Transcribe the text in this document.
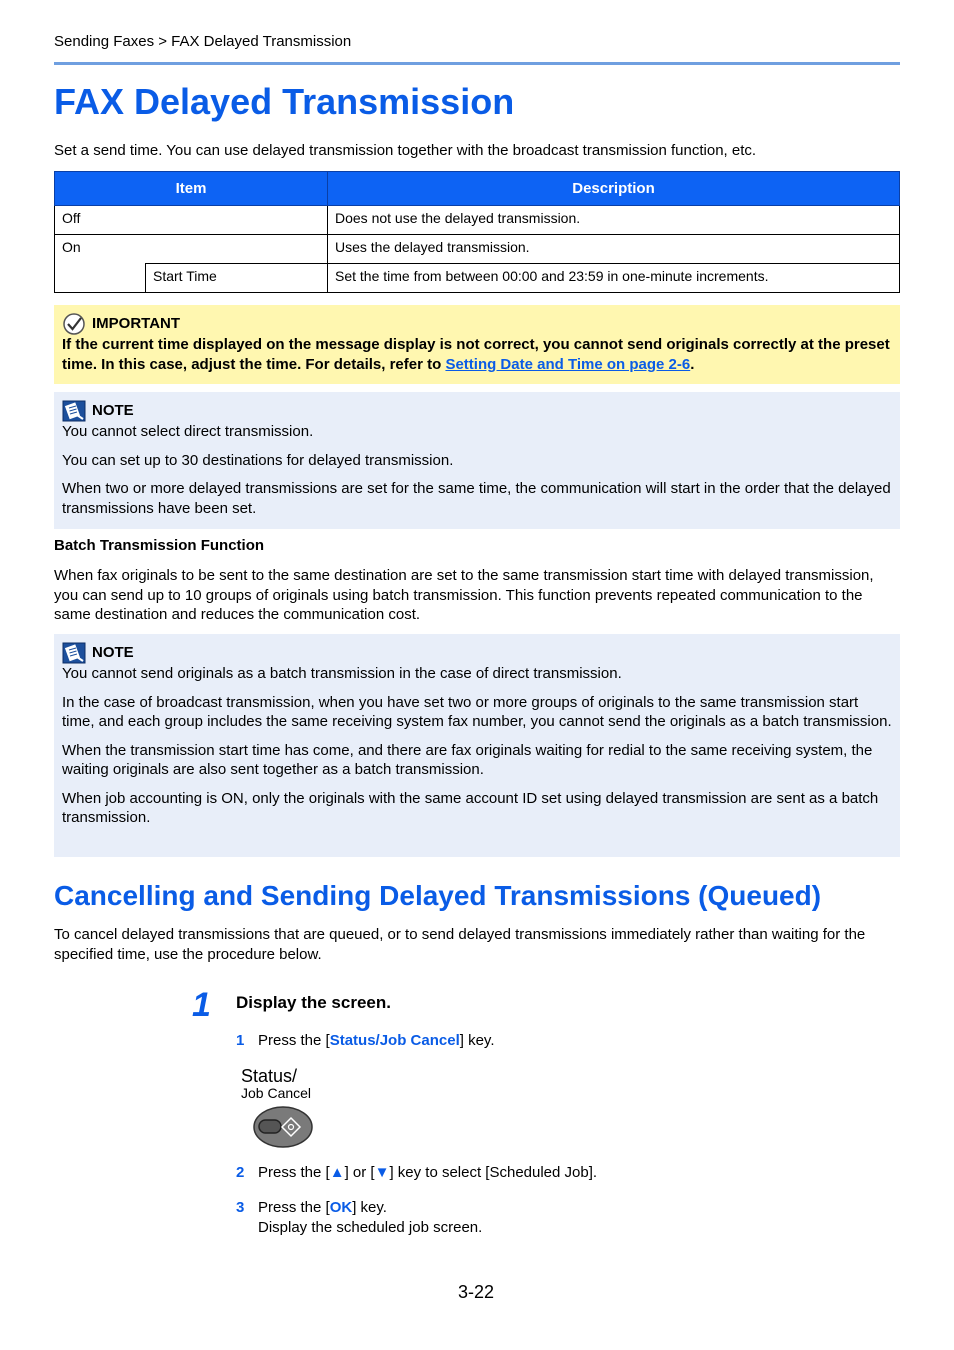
Sending Faxes > FAX Delayed Transmission
FAX Delayed Transmission
Set a send time. You can use delayed transmission together with the broadcast transmission function, etc.
Item		Description
Off		Does not use the delayed transmission.
On		Uses the delayed transmission.
	Start Time	Set the time from between 00:00 and 23:59 in one-minute increments.
IMPORTANT
If the current time displayed on the message display is not correct, you cannot send originals correctly at the preset time. In this case, adjust the time. For details, refer to Setting Date and Time on page 2-6.
NOTE

You cannot select direct transmission.

You can set up to 30 destinations for delayed transmission.

When two or more delayed transmissions are set for the same time, the communication will start in the order that the delayed transmissions have been set.

Batch Transmission Function

When fax originals to be sent to the same destination are set to the same transmission start time with delayed transmission, you can send up to 10 groups of originals using batch transmission. This function prevents repeated communication to the same destination and reduces the communication cost.

NOTE

You cannot send originals as a batch transmission in the case of direct transmission.

In the case of broadcast transmission, when you have set two or more groups of originals to the same transmission start time, and each group includes the same receiving system fax number, you cannot send the originals as a batch transmission.

When the transmission start time has come, and there are fax originals waiting for redial to the same receiving system, the waiting originals are also sent together as a batch transmission.

When job accounting is ON, only the originals with the same account ID set using delayed transmission are sent as a batch transmission.

Cancelling and Sending Delayed Transmissions (Queued)

To cancel delayed transmissions that are queued, or to send delayed transmissions immediately rather than waiting for the specified time, use the procedure below.

1 Display the screen.
1 Press the [Status/Job Cancel] key.
Status/
Job Cancel
2 Press the [▲] or [▼] key to select [Scheduled Job].
3 Press the [OK] key.
Display the scheduled job screen.
3-22
